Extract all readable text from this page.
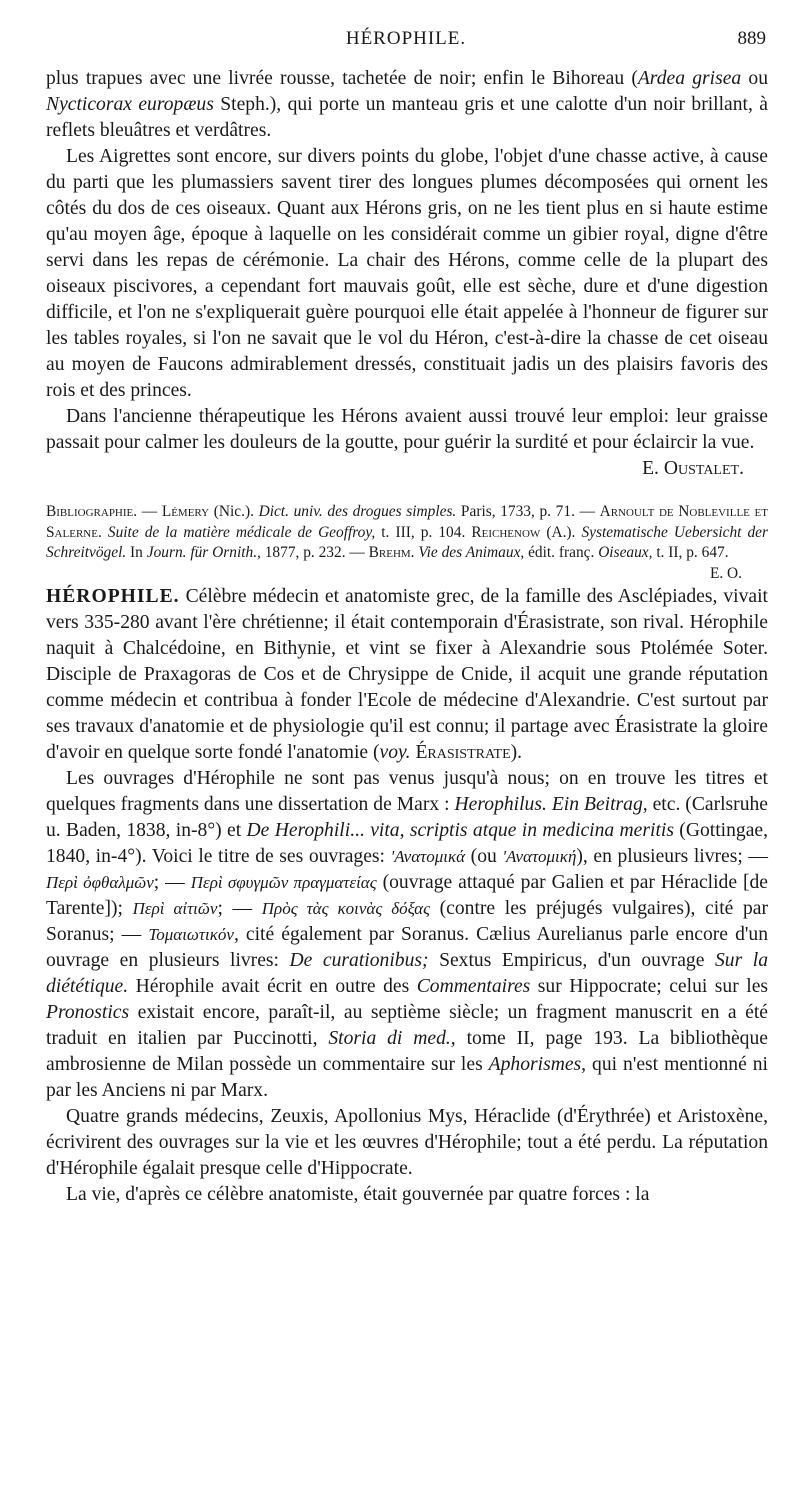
HÉROPHILE.	889

plus trapues avec une livrée rousse, tachetée de noir; enfin le Bihoreau (Ardea grisea ou Nycticorax europæus Steph.), qui porte un manteau gris et une calotte d'un noir brillant, à reflets bleuâtres et verdâtres.

Les Aigrettes sont encore, sur divers points du globe, l'objet d'une chasse active, à cause du parti que les plumassiers savent tirer des longues plumes décomposées qui ornent les côtés du dos de ces oiseaux. Quant aux Hérons gris, on ne les tient plus en si haute estime qu'au moyen âge, époque à laquelle on les considérait comme un gibier royal, digne d'être servi dans les repas de cérémonie. La chair des Hérons, comme celle de la plupart des oiseaux piscivores, a cependant fort mauvais goût, elle est sèche, dure et d'une digestion difficile, et l'on ne s'expliquerait guère pourquoi elle était appelée à l'honneur de figurer sur les tables royales, si l'on ne savait que le vol du Héron, c'est-à-dire la chasse de cet oiseau au moyen de Faucons admirablement dressés, constituait jadis un des plaisirs favoris des rois et des princes.

Dans l'ancienne thérapeutique les Hérons avaient aussi trouvé leur emploi: leur graisse passait pour calmer les douleurs de la goutte, pour guérir la surdité et pour éclaircir la vue.

E. Oustalet.
Bibliographie. — Lémery (Nic.). Dict. univ. des drogues simples. Paris, 1733, p. 71. — Arnoult de Nobleville et Salerne. Suite de la matière médicale de Geoffroy, t. III, p. 104. Reichenow (A.). Systematische Uebersicht der Schreitvögel. In Journ. für Ornith., 1877, p. 232. — Brehm. Vie des Animaux, édit. franç. Oiseaux, t. II, p. 647.
E. O.

HÉROPHILE. Célèbre médecin et anatomiste grec, de la famille des Asclépiades, vivait vers 335-280 avant l'ère chrétienne; il était contemporain d'Érasistrate, son rival. Hérophile naquit à Chalcédoine, en Bithynie, et vint se fixer à Alexandrie sous Ptolémée Soter. Disciple de Praxagoras de Cos et de Chrysippe de Cnide, il acquit une grande réputation comme médecin et contribua à fonder l'Ecole de médecine d'Alexandrie. C'est surtout par ses travaux d'anatomie et de physiologie qu'il est connu; il partage avec Érasistrate la gloire d'avoir en quelque sorte fondé l'anatomie (voy. Érasistrate).

Les ouvrages d'Hérophile ne sont pas venus jusqu'à nous; on en trouve les titres et quelques fragments dans une dissertation de Marx : Herophilus. Ein Beitrag, etc. (Carlsruhe u. Baden, 1838, in-8°) et De Herophili... vita, scriptis atque in medicina meritis (Gottingae, 1840, in-4°). Voici le titre de ses ouvrages: 'Ανατομικά (ou 'Ανατομική), en plusieurs livres; — Περὶ ὀφθαλμῶν; — Περὶ σφυγμῶν πραγματείας (ouvrage attaqué par Galien et par Héraclide [de Tarente]); Περὶ αἰτιῶν; — Πρὸς τὰς κοινὰς δόξας (contre les préjugés vulgaires), cité par Soranus; — Τομαιωτικόν, cité également par Soranus. Cælius Aurelianus parle encore d'un ouvrage en plusieurs livres: De curationibus; Sextus Empiricus, d'un ouvrage Sur la diététique. Hérophile avait écrit en outre des Commentaires sur Hippocrate; celui sur les Pronostics existait encore, paraît-il, au septième siècle; un fragment manuscrit en a été traduit en italien par Puccinotti, Storia di med., tome II, page 193. La bibliothèque ambrosienne de Milan possède un commentaire sur les Aphorismes, qui n'est mentionné ni par les Anciens ni par Marx.

Quatre grands médecins, Zeuxis, Apollonius Mys, Héraclide (d'Érythrée) et Aristoxène, écrivirent des ouvrages sur la vie et les œuvres d'Hérophile; tout a été perdu. La réputation d'Hérophile égalait presque celle d'Hippocrate.

La vie, d'après ce célèbre anatomiste, était gouvernée par quatre forces : la
